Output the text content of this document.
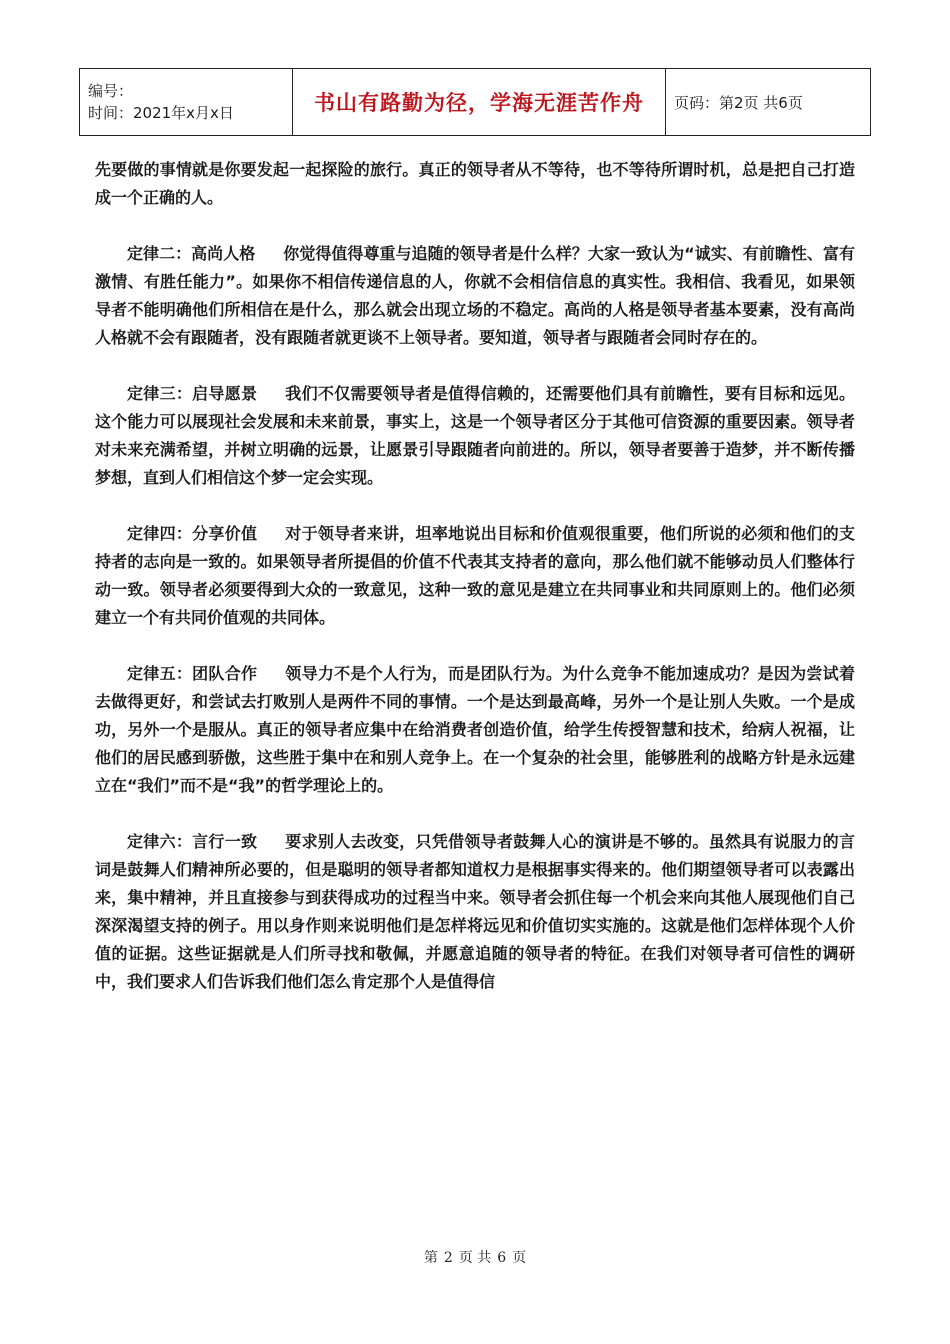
编号：
时间：2021年x月x日	书山有路勤为径，学海无涯苦作舟	页码：第2页 共6页

先要做的事情就是你要发起一起探险的旅行。真正的领导者从不等待，也不等待所谓时机，总是把自己打造成一个正确的人。

定律二：高尚人格 你觉得值得尊重与追随的领导者是什么样？大家一致认为“诚实、有前瞻性、富有激情、有胜任能力”。如果你不相信传递信息的人，你就不会相信信息的真实性。我相信、我看见，如果领导者不能明确他们所相信在是什么，那么就会出现立场的不稳定。高尚的人格是领导者基本要素，没有高尚人格就不会有跟随者，没有跟随者就更谈不上领导者。要知道，领导者与跟随者会同时存在的。

定律三：启导愿景 我们不仅需要领导者是值得信赖的，还需要他们具有前瞻性，要有目标和远见。这个能力可以展现社会发展和未来前景，事实上，这是一个领导者区分于其他可信资源的重要因素。领导者对未来充满希望，并树立明确的远景，让愿景引导跟随者向前进的。所以，领导者要善于造梦，并不断传播梦想，直到人们相信这个梦一定会实现。

定律四：分享价值 对于领导者来讲，坦率地说出目标和价值观很重要，他们所说的必须和他们的支持者的志向是一致的。如果领导者所提倡的价值不代表其支持者的意向，那么他们就不能够动员人们整体行动一致。领导者必须要得到大众的一致意见，这种一致的意见是建立在共同事业和共同原则上的。他们必须建立一个有共同价值观的共同体。

定律五：团队合作 领导力不是个人行为，而是团队行为。为什么竞争不能加速成功？是因为尝试着去做得更好，和尝试去打败别人是两件不同的事情。一个是达到最高峰，另外一个是让别人失败。一个是成功，另外一个是服从。真正的领导者应集中在给消费者创造价值，给学生传授智慧和技术，给病人祝福，让他们的居民感到骄傲，这些胜于集中在和别人竞争上。在一个复杂的社会里，能够胜利的战略方针是永远建立在“我们”而不是“我”的哲学理论上的。

定律六：言行一致 要求别人去改变，只凭借领导者鼓舞人心的演讲是不够的。虽然具有说服力的言词是鼓舞人们精神所必要的，但是聪明的领导者都知道权力是根据事实得来的。他们期望领导者可以表露出来，集中精神，并且直接参与到获得成功的过程当中来。领导者会抓住每一个机会来向其他人展现他们自己深深渴望支持的例子。用以身作则来说明他们是怎样将远见和价值切实实施的。这就是他们怎样体现个人价值的证据。这些证据就是人们所寻找和敬佩，并愿意追随的领导者的特征。在我们对领导者可信性的调研中，我们要求人们告诉我们他们怎么肯定那个人是值得信

第 2 页 共 6 页
